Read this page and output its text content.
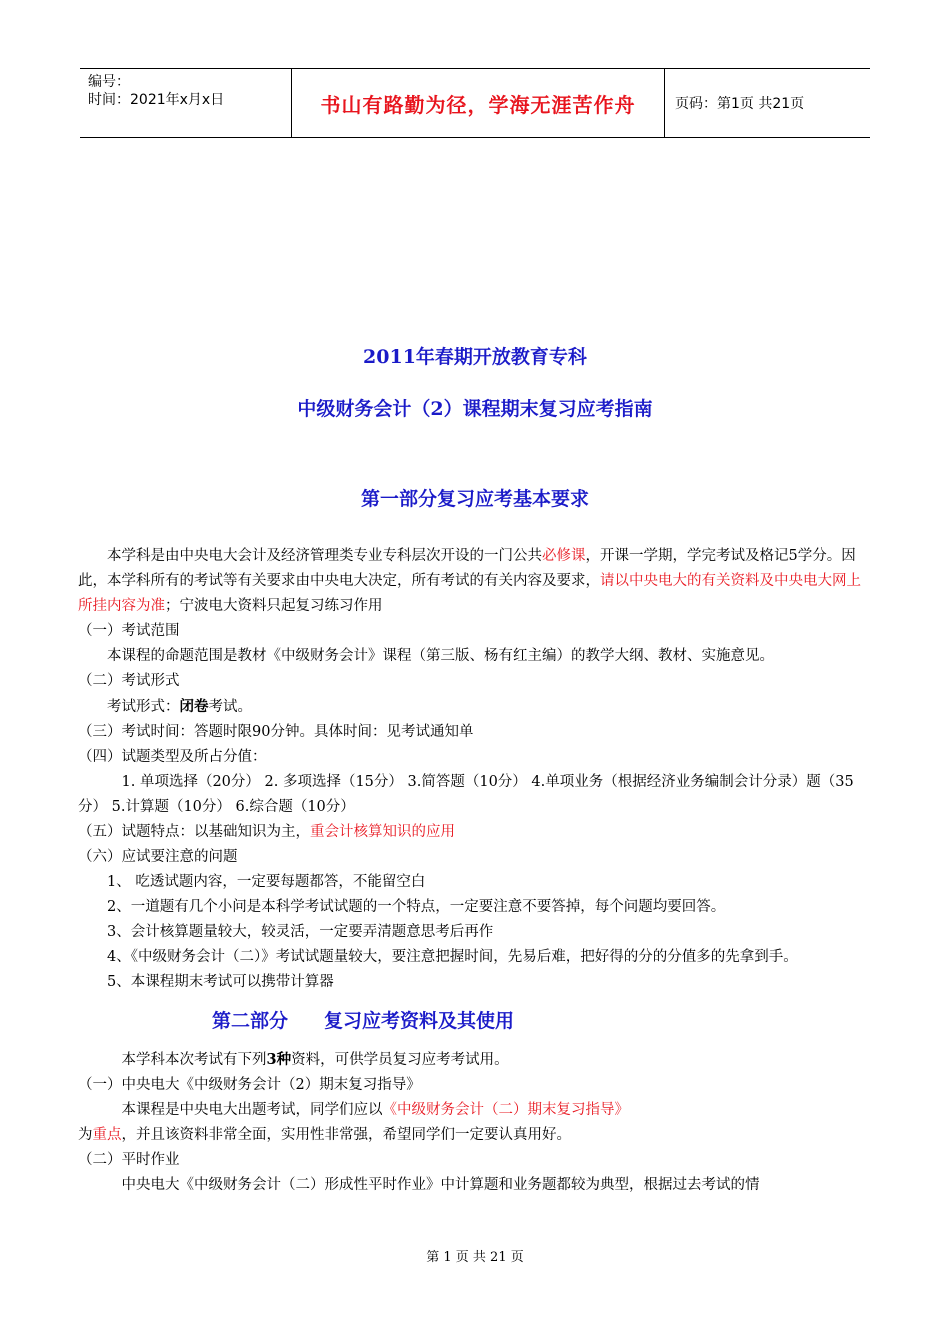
编号：
时间：2021年x月x日	书山有路勤为径，学海无涯苦作舟	页码：第1页 共21页
2011年春期开放教育专科
中级财务会计（2）课程期末复习应考指南
第一部分复习应考基本要求

本学科是由中央电大会计及经济管理类专业专科层次开设的一门公共必修课，开课一学期，学完考试及格记5学分。因此，本学科所有的考试等有关要求由中央电大决定，所有考试的有关内容及要求，请以中央电大的有关资料及中央电大网上所挂内容为准；宁波电大资料只起复习练习作用

（一）考试范围

本课程的命题范围是教材《中级财务会计》课程（第三版、杨有红主编）的教学大纲、教材、实施意见。

（二）考试形式

考试形式：闭卷考试。

（三）考试时间：答题时限90分钟。具体时间：见考试通知单

（四）试题类型及所占分值：

1. 单项选择（20分） 2. 多项选择（15分） 3.简答题（10分） 4.单项业务（根据经济业务编制会计分录）题（35分） 5.计算题（10分） 6.综合题（10分）

（五）试题特点：以基础知识为主，重会计核算知识的应用

（六）应试要注意的问题

1、 吃透试题内容，一定要每题都答，不能留空白

2、一道题有几个小问是本科学考试试题的一个特点，一定要注意不要答掉，每个问题均要回答。

3、会计核算题量较大，较灵活，一定要弄清题意思考后再作

4、《中级财务会计（二）》考试试题量较大，要注意把握时间，先易后难，把好得的分的分值多的先拿到手。

5、本课程期末考试可以携带计算器

第二部分 复习应考资料及其使用

本学科本次考试有下列3种资料，可供学员复习应考考试用。

（一）中央电大《中级财务会计（2）期末复习指导》

本课程是中央电大出题考试，同学们应以《中级财务会计（二）期末复习指导》
为重点，并且该资料非常全面，实用性非常强，希望同学们一定要认真用好。

（二）平时作业

中央电大《中级财务会计（二）形成性平时作业》中计算题和业务题都较为典型，根据过去考试的情

第 1 页 共 21 页
